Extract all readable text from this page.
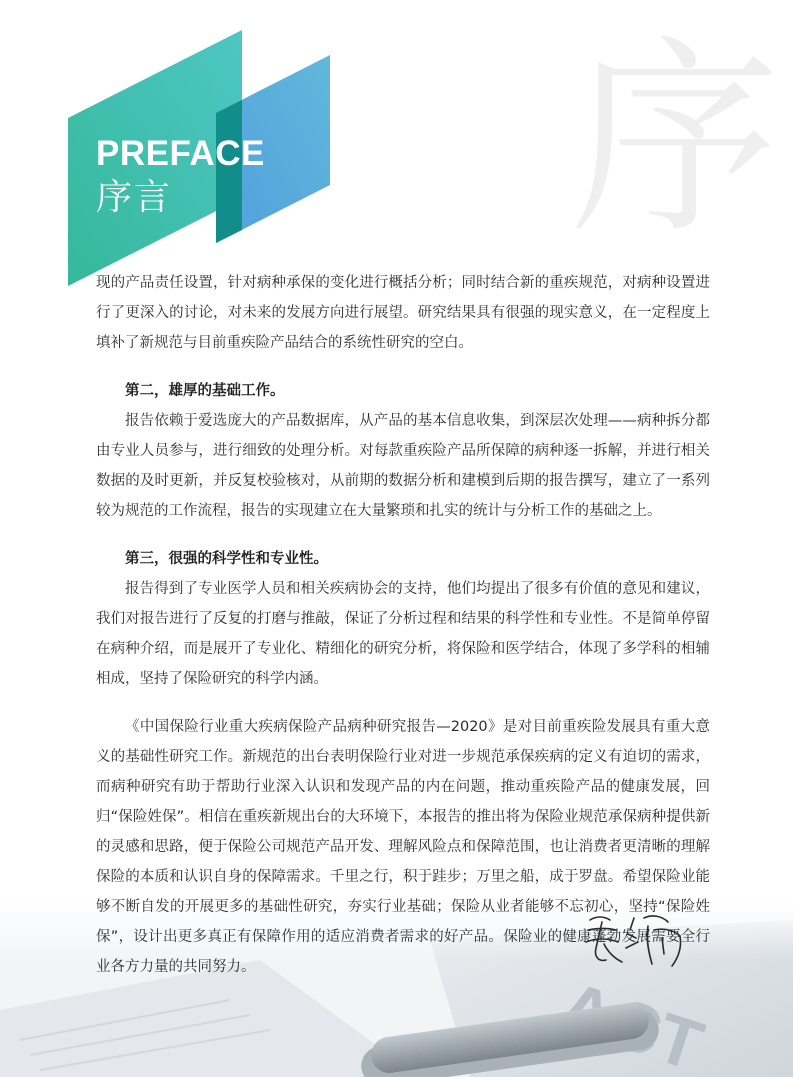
PREFACE
序言 序

现的产品责任设置，针对病种承保的变化进行概括分析；同时结合新的重疾规范，对病种设置进行了更深入的讨论，对未来的发展方向进行展望。研究结果具有很强的现实意义，在一定程度上填补了新规范与目前重疾险产品结合的系统性研究的空白。

第二，雄厚的基础工作。

报告依赖于爱选庞大的产品数据库，从产品的基本信息收集，到深层次处理——病种拆分都由专业人员参与，进行细致的处理分析。对每款重疾险产品所保障的病种逐一拆解，并进行相关数据的及时更新，并反复校验核对，从前期的数据分析和建模到后期的报告撰写，建立了一系列较为规范的工作流程，报告的实现建立在大量繁琐和扎实的统计与分析工作的基础之上。

第三，很强的科学性和专业性。

报告得到了专业医学人员和相关疾病协会的支持，他们均提出了很多有价值的意见和建议，我们对报告进行了反复的打磨与推敲，保证了分析过程和结果的科学性和专业性。不是简单停留在病种介绍，而是展开了专业化、精细化的研究分析，将保险和医学结合，体现了多学科的相辅相成，坚持了保险研究的科学内涵。

《中国保险行业重大疾病保险产品病种研究报告—2020》是对目前重疾险发展具有重大意义的基础性研究工作。新规范的出台表明保险行业对进一步规范承保疾病的定义有迫切的需求，而病种研究有助于帮助行业深入认识和发现产品的内在问题，推动重疾险产品的健康发展，回归“保险姓保”。相信在重疾新规出台的大环境下，本报告的推出将为保险业规范承保病种提供新的灵感和思路，便于保险公司规范产品开发、理解风险点和保障范围，也让消费者更清晰的理解保险的本质和认识自身的保障需求。千里之行，积于跬步；万里之船，成于罗盘。希望保险业能够不断自发的开展更多的基础性研究，夯实行业基础；保险从业者能够不忘初心，坚持“保险姓保”，设计出更多真正有保障作用的适应消费者需求的好产品。保险业的健康蓬勃发展需要全行业各方力量的共同努力。
